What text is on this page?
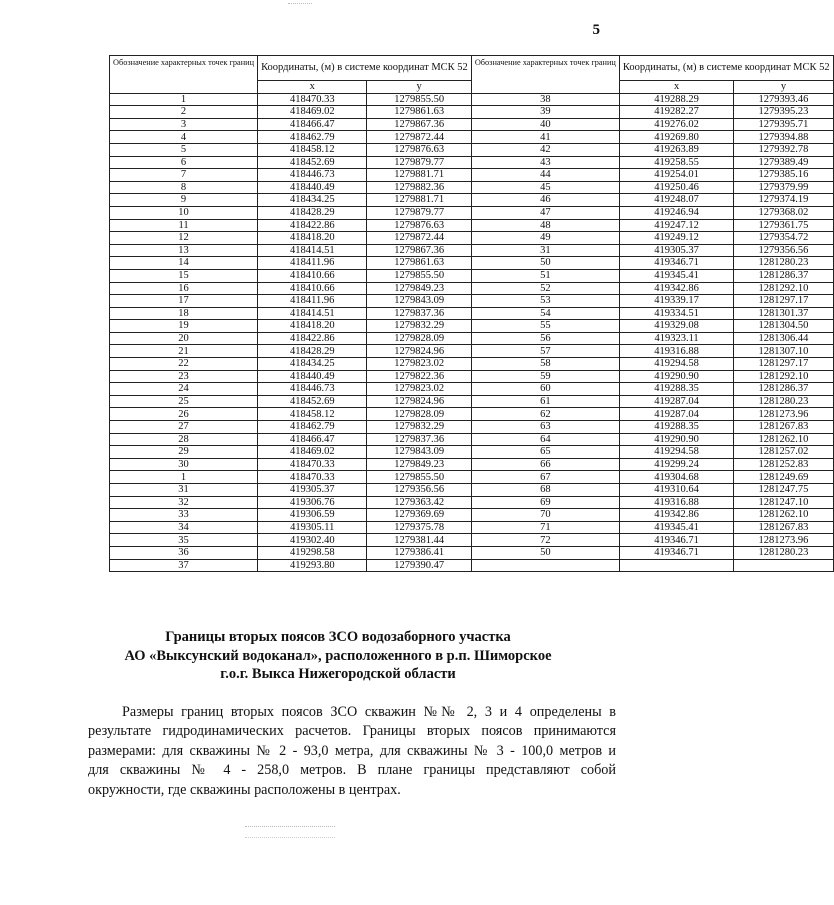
5
Обозначение характерных точек границ	Координаты, (м) в системе координат МСК 52		Обозначение характерных точек границ	Координаты, (м) в системе координат МСК 52	
	х	у		х	у
1	418470.33	1279855.50	38	419288.29	1279393.46
2	418469.02	1279861.63	39	419282.27	1279395.23
3	418466.47	1279867.36	40	419276.02	1279395.71
4	418462.79	1279872.44	41	419269.80	1279394.88
5	418458.12	1279876.63	42	419263.89	1279392.78
6	418452.69	1279879.77	43	419258.55	1279389.49
7	418446.73	1279881.71	44	419254.01	1279385.16
8	418440.49	1279882.36	45	419250.46	1279379.99
9	418434.25	1279881.71	46	419248.07	1279374.19
10	418428.29	1279879.77	47	419246.94	1279368.02
11	418422.86	1279876.63	48	419247.12	1279361.75
12	418418.20	1279872.44	49	419249.12	1279354.72
13	418414.51	1279867.36	31	419305.37	1279356.56
14	418411.96	1279861.63	50	419346.71	1281280.23
15	418410.66	1279855.50	51	419345.41	1281286.37
16	418410.66	1279849.23	52	419342.86	1281292.10
17	418411.96	1279843.09	53	419339.17	1281297.17
18	418414.51	1279837.36	54	419334.51	1281301.37
19	418418.20	1279832.29	55	419329.08	1281304.50
20	418422.86	1279828.09	56	419323.11	1281306.44
21	418428.29	1279824.96	57	419316.88	1281307.10
22	418434.25	1279823.02	58	419294.58	1281297.17
23	418440.49	1279822.36	59	419290.90	1281292.10
24	418446.73	1279823.02	60	419288.35	1281286.37
25	418452.69	1279824.96	61	419287.04	1281280.23
26	418458.12	1279828.09	62	419287.04	1281273.96
27	418462.79	1279832.29	63	419288.35	1281267.83
28	418466.47	1279837.36	64	419290.90	1281262.10
29	418469.02	1279843.09	65	419294.58	1281257.02
30	418470.33	1279849.23	66	419299.24	1281252.83
1	418470.33	1279855.50	67	419304.68	1281249.69
31	419305.37	1279356.56	68	419310.64	1281247.75
32	419306.76	1279363.42	69	419316.88	1281247.10
33	419306.59	1279369.69	70	419342.86	1281262.10
34	419305.11	1279375.78	71	419345.41	1281267.83
35	419302.40	1279381.44	72	419346.71	1281273.96
36	419298.58	1279386.41	50	419346.71	1281280.23
37	419293.80	1279390.47			
Границы вторых поясов ЗСО водозаборного участка
АО «Выксунский водоканал», расположенного в р.п. Шиморское
г.о.г. Выкса Нижегородской области
Размеры границ вторых поясов ЗСО скважин №№ 2, 3 и 4 определены в
результате гидродинамических расчетов. Границы вторых поясов принимаются
размерами: для скважины № 2 - 93,0 метра, для скважины № 3 - 100,0 метров и
для скважины № 4 - 258,0 метров. В плане границы представляют собой
окружности, где скважины расположены в центрах.
